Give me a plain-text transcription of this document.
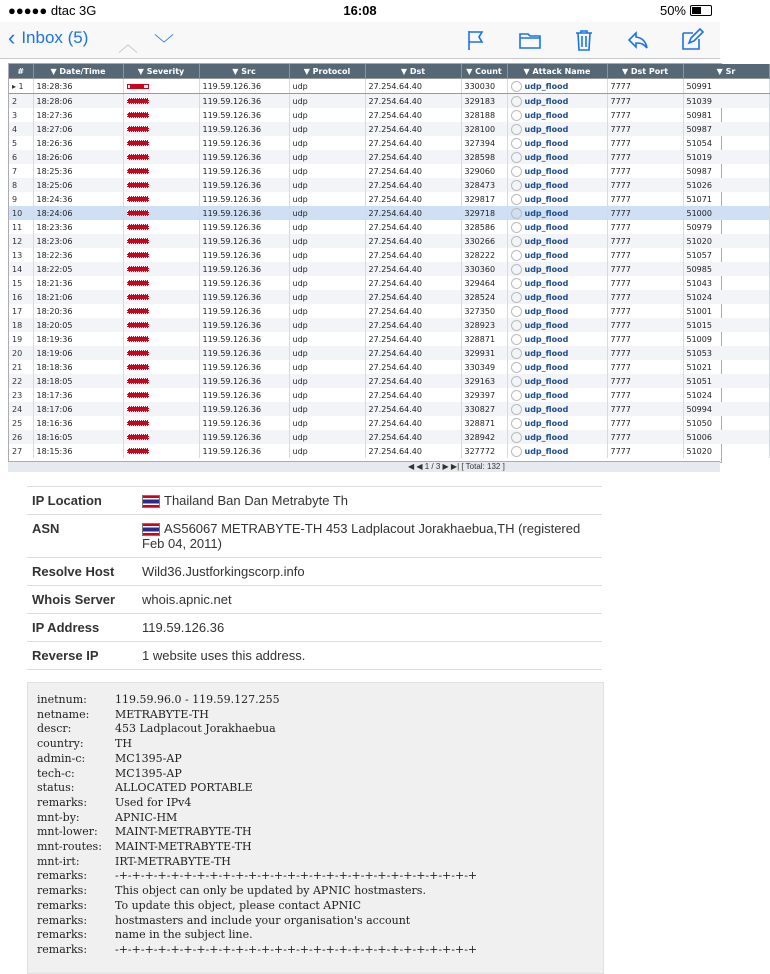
●●●●● dtac 3G	16:08	50%
‹ Inbox (5) ︿ ﹀
#	▼ Date/Time	▼ Severity	▼ Src	▼ Protocol	▼ Dst	▼ Count	▼ Attack Name	▼ Dst Port	▼ Sr
▸ 1	18:28:36		119.59.126.36	udp	27.254.64.40	330030	udp_flood	7777	50991
2	18:28:06		119.59.126.36	udp	27.254.64.40	329183	udp_flood	7777	51039
3	18:27:36		119.59.126.36	udp	27.254.64.40	328188	udp_flood	7777	50981
4	18:27:06		119.59.126.36	udp	27.254.64.40	328100	udp_flood	7777	50987
5	18:26:36		119.59.126.36	udp	27.254.64.40	327394	udp_flood	7777	51054
6	18:26:06		119.59.126.36	udp	27.254.64.40	328598	udp_flood	7777	51019
7	18:25:36		119.59.126.36	udp	27.254.64.40	329060	udp_flood	7777	50987
8	18:25:06		119.59.126.36	udp	27.254.64.40	328473	udp_flood	7777	51026
9	18:24:36		119.59.126.36	udp	27.254.64.40	329817	udp_flood	7777	51071
10	18:24:06		119.59.126.36	udp	27.254.64.40	329718	udp_flood	7777	51000
11	18:23:36		119.59.126.36	udp	27.254.64.40	328586	udp_flood	7777	50979
12	18:23:06		119.59.126.36	udp	27.254.64.40	330266	udp_flood	7777	51020
13	18:22:36		119.59.126.36	udp	27.254.64.40	328222	udp_flood	7777	51057
14	18:22:05		119.59.126.36	udp	27.254.64.40	330360	udp_flood	7777	50985
15	18:21:36		119.59.126.36	udp	27.254.64.40	329464	udp_flood	7777	51043
16	18:21:06		119.59.126.36	udp	27.254.64.40	328524	udp_flood	7777	51024
17	18:20:36		119.59.126.36	udp	27.254.64.40	327350	udp_flood	7777	51001
18	18:20:05		119.59.126.36	udp	27.254.64.40	328923	udp_flood	7777	51015
19	18:19:36		119.59.126.36	udp	27.254.64.40	328871	udp_flood	7777	51009
20	18:19:06		119.59.126.36	udp	27.254.64.40	329931	udp_flood	7777	51053
21	18:18:36		119.59.126.36	udp	27.254.64.40	330349	udp_flood	7777	51021
22	18:18:05		119.59.126.36	udp	27.254.64.40	329163	udp_flood	7777	51051
23	18:17:36		119.59.126.36	udp	27.254.64.40	329397	udp_flood	7777	51024
24	18:17:06		119.59.126.36	udp	27.254.64.40	330827	udp_flood	7777	50994
25	18:16:36		119.59.126.36	udp	27.254.64.40	328871	udp_flood	7777	51050
26	18:16:05		119.59.126.36	udp	27.254.64.40	328942	udp_flood	7777	51006
27	18:15:36		119.59.126.36	udp	27.254.64.40	327772	udp_flood	7777	51020
◀ ◀ 1 / 3 ▶ ▶| [ Total: 132 ]
IP Location	Thailand Ban Dan Metrabyte Th
ASN	AS56067 METRABYTE-TH 453 Ladplacout Jorakhaebua,TH (registered Feb 04, 2011)
Resolve Host	Wild36.Justforkingscorp.info
Whois Server	whois.apnic.net
IP Address	119.59.126.36
Reverse IP	1 website uses this address.
inetnum:	119.59.96.0 - 119.59.127.255
netname: METRABYTE-TH
descr:	453 Ladplacout Jorakhaebua
country:	TH
admin-c:	MC1395-AP
tech-c:	MC1395-AP
status:	ALLOCATED PORTABLE
remarks:	Used for IPv4
mnt-by:	APNIC-HM
mnt-lower: MAINT-METRABYTE-TH
mnt-routes: MAINT-METRABYTE-TH
mnt-irt:	IRT-METRABYTE-TH
remarks:	-+-+-+-+-+-+-+-+-+-+-+-+-+-+-+-+-+-+-+-+-+-+-+-+-+-+-+-+
remarks:	This object can only be updated by APNIC hostmasters.
remarks:	To update this object, please contact APNIC
remarks:	hostmasters and include your organisation's account
remarks:	name in the subject line.
remarks:	-+-+-+-+-+-+-+-+-+-+-+-+-+-+-+-+-+-+-+-+-+-+-+-+-+-+-+-+
